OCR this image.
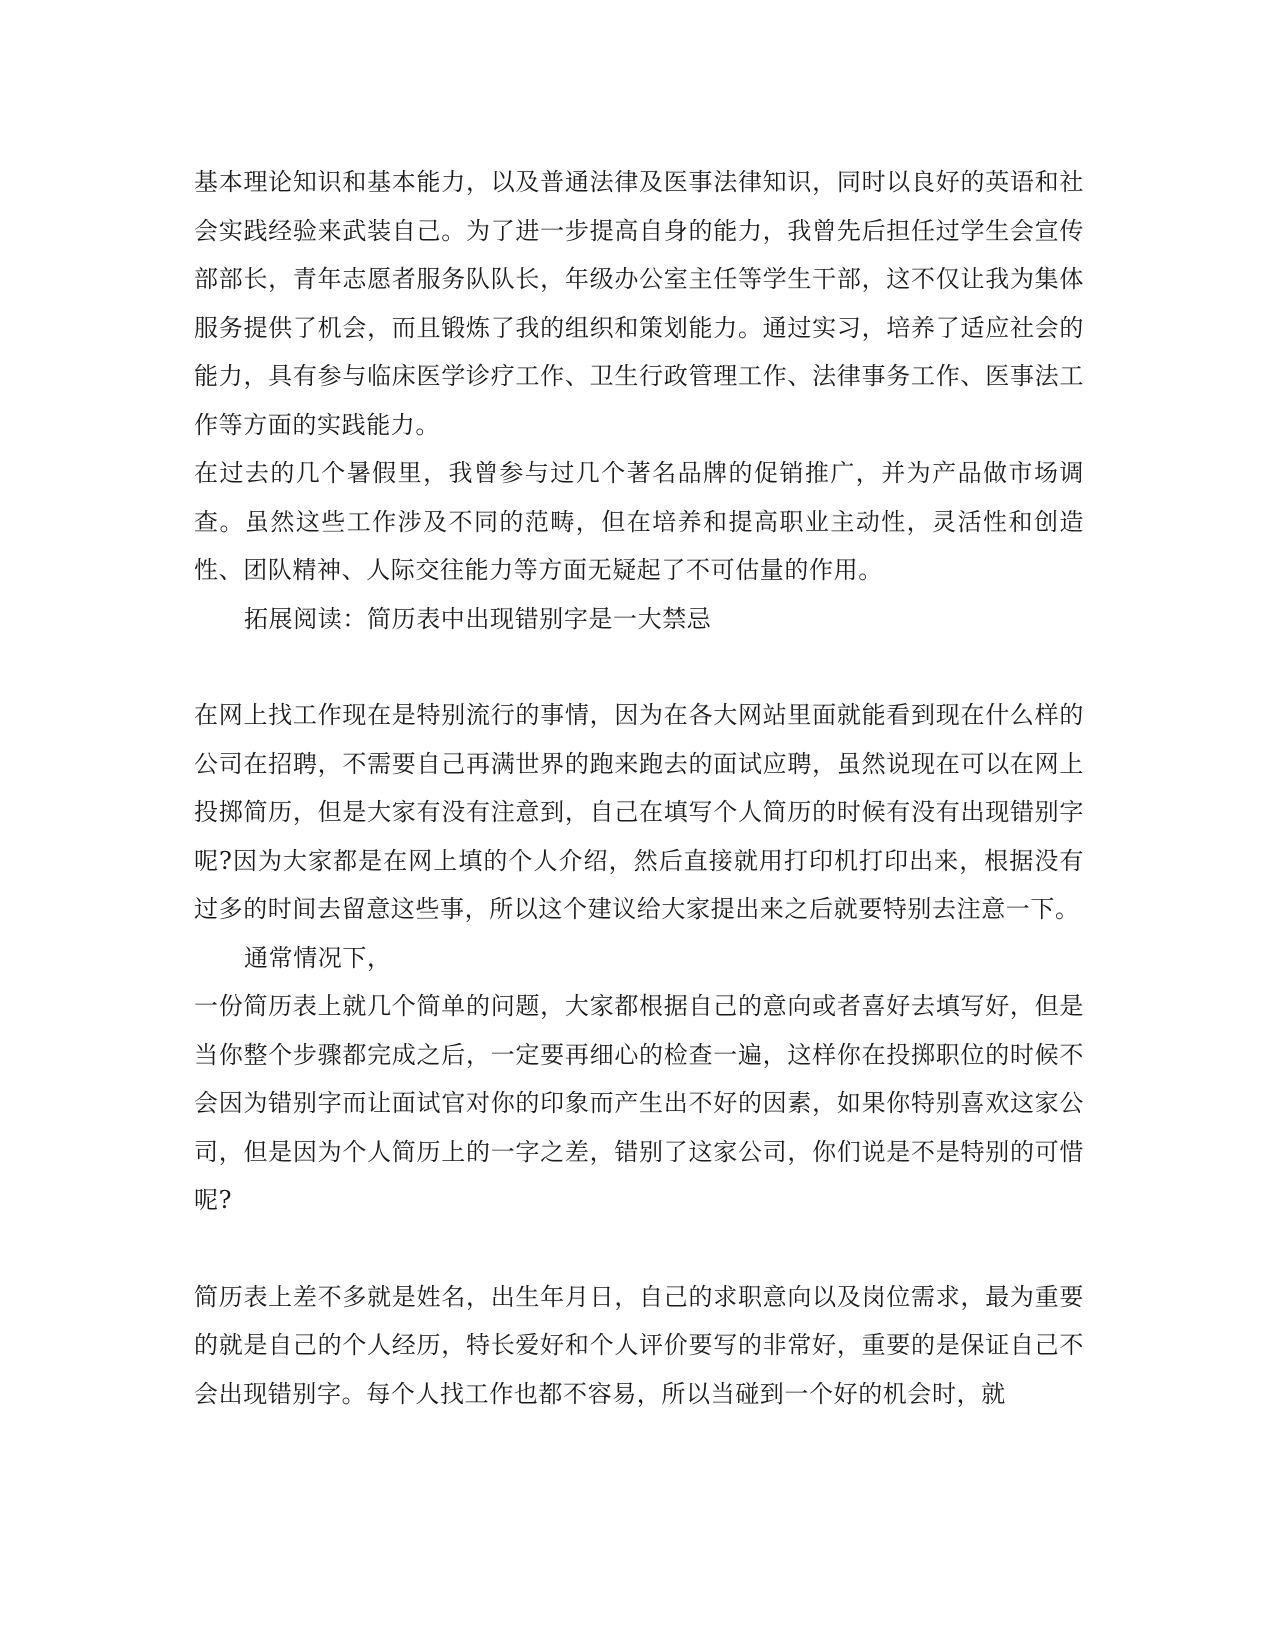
基本理论知识和基本能力，以及普通法律及医事法律知识，同时以良好的英语和社会实践经验来武装自己。为了进一步提高自身的能力，我曾先后担任过学生会宣传部部长，青年志愿者服务队队长，年级办公室主任等学生干部，这不仅让我为集体服务提供了机会，而且锻炼了我的组织和策划能力。通过实习，培养了适应社会的能力，具有参与临床医学诊疗工作、卫生行政管理工作、法律事务工作、医事法工作等方面的实践能力。
在过去的几个暑假里，我曾参与过几个著名品牌的促销推广，并为产品做市场调查。虽然这些工作涉及不同的范畴，但在培养和提高职业主动性，灵活性和创造性、团队精神、人际交往能力等方面无疑起了不可估量的作用。
拓展阅读：简历表中出现错别字是一大禁忌
在网上找工作现在是特别流行的事情，因为在各大网站里面就能看到现在什么样的公司在招聘，不需要自己再满世界的跑来跑去的面试应聘，虽然说现在可以在网上投掷简历，但是大家有没有注意到，自己在填写个人简历的时候有没有出现错别字呢?因为大家都是在网上填的个人介绍，然后直接就用打印机打印出来，根据没有过多的时间去留意这些事，所以这个建议给大家提出来之后就要特别去注意一下。
通常情况下，
一份简历表上就几个简单的问题，大家都根据自己的意向或者喜好去填写好，但是当你整个步骤都完成之后，一定要再细心的检查一遍，这样你在投掷职位的时候不会因为错别字而让面试官对你的印象而产生出不好的因素，如果你特别喜欢这家公司，但是因为个人简历上的一字之差，错别了这家公司，你们说是不是特别的可惜呢?
简历表上差不多就是姓名，出生年月日，自己的求职意向以及岗位需求，最为重要的就是自己的个人经历，特长爱好和个人评价要写的非常好，重要的是保证自己不会出现错别字。每个人找工作也都不容易，所以当碰到一个好的机会时，就
